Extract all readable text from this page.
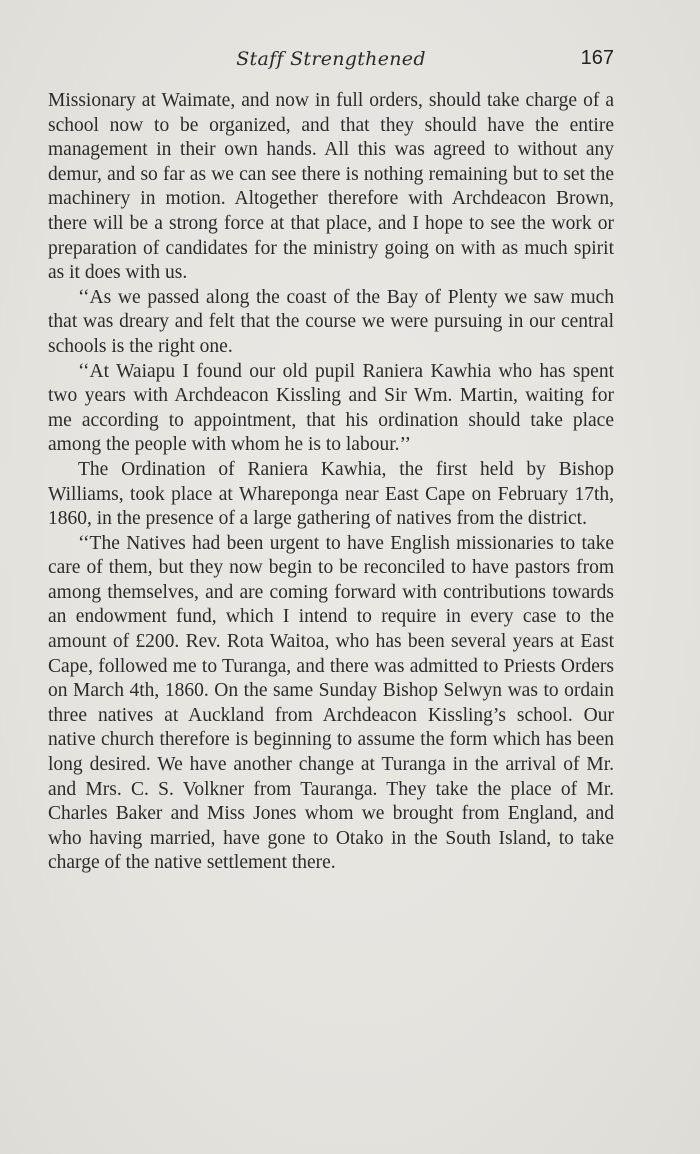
Staff Strengthened	167

Missionary at Waimate, and now in full orders, should take charge of a school now to be organized, and that they should have the entire management in their own hands. All this was agreed to without any demur, and so far as we can see there is nothing remaining but to set the machinery in motion. Altogether therefore with Archdeacon Brown, there will be a strong force at that place, and I hope to see the work or preparation of candidates for the ministry going on with as much spirit as it does with us.

‘‘As we passed along the coast of the Bay of Plenty we saw much that was dreary and felt that the course we were pursuing in our central schools is the right one.

‘‘At Waiapu I found our old pupil Raniera Kawhia who has spent two years with Archdeacon Kissling and Sir Wm. Martin, waiting for me according to appointment, that his ordination should take place among the people with whom he is to labour.’’

The Ordination of Raniera Kawhia, the first held by Bishop Williams, took place at Whareponga near East Cape on February 17th, 1860, in the presence of a large gathering of natives from the district.

‘‘The Natives had been urgent to have English missionaries to take care of them, but they now begin to be reconciled to have pastors from among themselves, and are coming forward with contributions towards an endowment fund, which I intend to require in every case to the amount of £200. Rev. Rota Waitoa, who has been several years at East Cape, followed me to Turanga, and there was admitted to Priests Orders on March 4th, 1860. On the same Sunday Bishop Selwyn was to ordain three natives at Auckland from Archdeacon Kissling’s school. Our native church therefore is beginning to assume the form which has been long desired. We have another change at Turanga in the arrival of Mr. and Mrs. C. S. Volkner from Tauranga. They take the place of Mr. Charles Baker and Miss Jones whom we brought from England, and who having married, have gone to Otako in the South Island, to take charge of the native settlement there.
